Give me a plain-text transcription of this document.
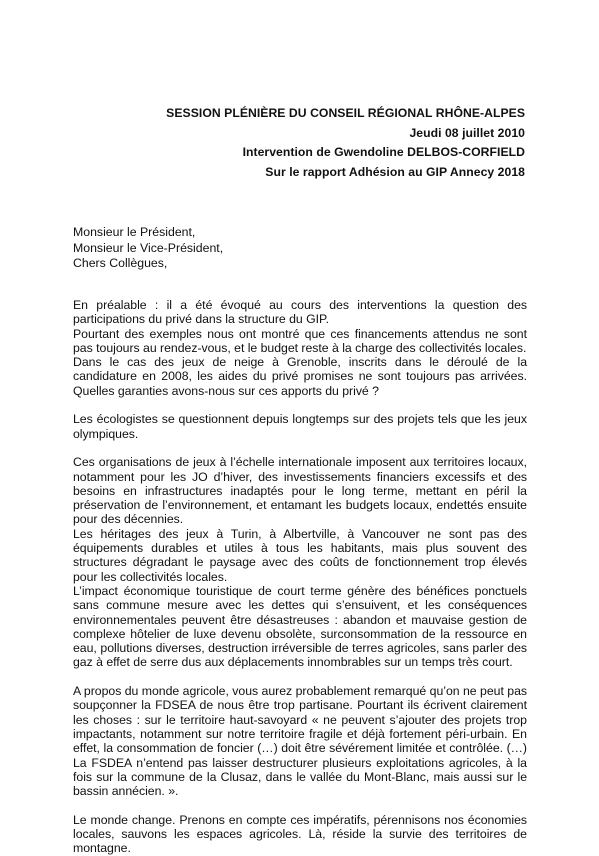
SESSION PLÉNIÈRE DU CONSEIL RÉGIONAL RHÔNE-ALPES
Jeudi 08 juillet 2010
Intervention de Gwendoline DELBOS-CORFIELD
Sur le rapport Adhésion au GIP Annecy 2018
Monsieur le Président,
Monsieur le Vice-Président,
Chers Collègues,

En préalable : il a été évoqué au cours des interventions la question des participations du privé dans la structure du GIP.

Pourtant des exemples nous ont montré que ces financements attendus ne sont pas toujours au rendez-vous, et le budget reste à la charge des collectivités locales.

Dans le cas des jeux de neige à Grenoble, inscrits dans le déroulé de la candidature en 2008, les aides du privé promises ne sont toujours pas arrivées. Quelles garanties avons-nous sur ces apports du privé ?

Les écologistes se questionnent depuis longtemps sur des projets tels que les jeux olympiques.

Ces organisations de jeux à l’échelle internationale imposent aux territoires locaux, notamment pour les JO d’hiver, des investissements financiers excessifs et des besoins en infrastructures inadaptés pour le long terme, mettant en péril la préservation de l’environnement, et entamant les budgets locaux, endettés ensuite pour des décennies.

Les héritages des jeux à Turin, à Albertville, à Vancouver ne sont pas des équipements durables et utiles à tous les habitants, mais plus souvent des structures dégradant le paysage avec des coûts de fonctionnement trop élevés pour les collectivités locales.

L’impact économique touristique de court terme génère des bénéfices ponctuels sans commune mesure avec les dettes qui s’ensuivent, et les conséquences environnementales peuvent être désastreuses : abandon et mauvaise gestion de complexe hôtelier de luxe devenu obsolète, surconsommation de la ressource en eau, pollutions diverses, destruction irréversible de terres agricoles, sans parler des gaz à effet de serre dus aux déplacements innombrables sur un temps très court.

A propos du monde agricole, vous aurez probablement remarqué qu’on ne peut pas soupçonner la FDSEA de nous être trop partisane. Pourtant ils écrivent clairement les choses : sur le territoire haut-savoyard « ne peuvent s’ajouter des projets trop impactants, notamment sur notre territoire fragile et déjà fortement péri-urbain. En effet, la consommation de foncier (…) doit être sévérement limitée et contrôlée. (…) La FSDEA n’entend pas laisser destructurer plusieurs exploitations agricoles, à la fois sur la commune de la Clusaz, dans le vallée du Mont-Blanc, mais aussi sur le bassin annécien. ».

Le monde change. Prenons en compte ces impératifs, pérennisons nos économies locales, sauvons les espaces agricoles. Là, réside la survie des territoires de montagne.
